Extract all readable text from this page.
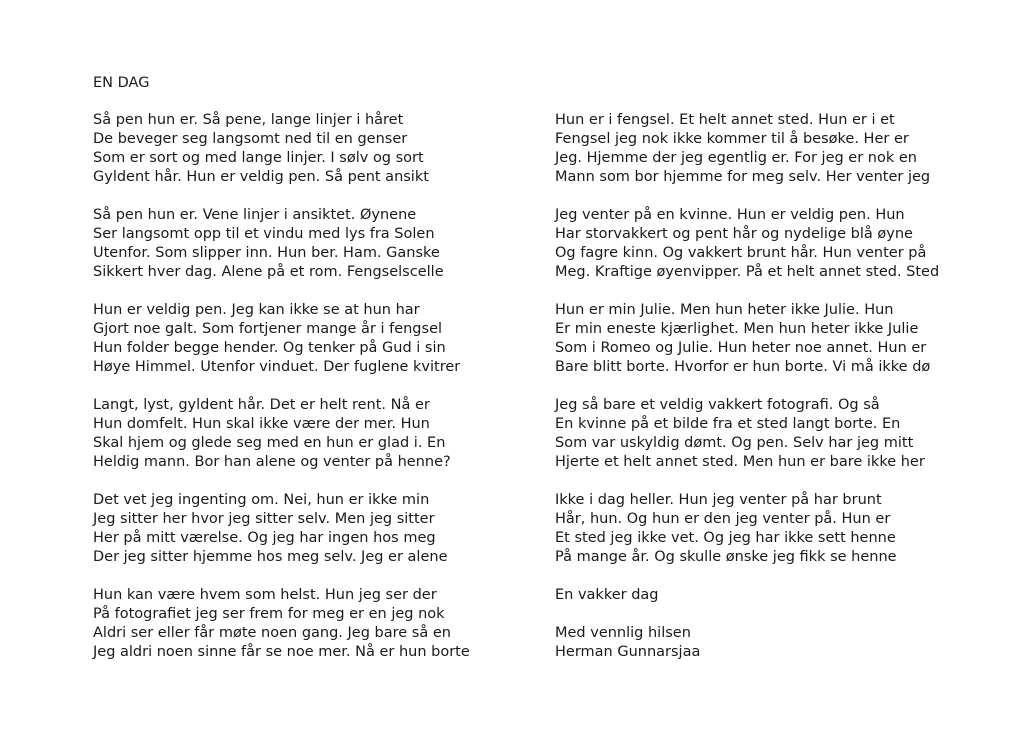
EN DAG
Så pen hun er. Så pene, lange linjer i håret
De beveger seg langsomt ned til en genser
Som er sort og med lange linjer. I sølv og sort
Gyldent hår. Hun er veldig pen. Så pent ansikt
Så pen hun er. Vene linjer i ansiktet. Øynene
Ser langsomt opp til et vindu med lys fra Solen
Utenfor. Som slipper inn. Hun ber. Ham. Ganske
Sikkert hver dag. Alene på et rom. Fengselscelle
Hun er veldig pen. Jeg kan ikke se at hun har
Gjort noe galt. Som fortjener mange år i fengsel
Hun folder begge hender. Og tenker på Gud i sin
Høye Himmel. Utenfor vinduet. Der fuglene kvitrer
Langt, lyst, gyldent hår. Det er helt rent. Nå er
Hun domfelt. Hun skal ikke være der mer. Hun
Skal hjem og glede seg med en hun er glad i. En
Heldig mann. Bor han alene og venter på henne?
Det vet jeg ingenting om. Nei, hun er ikke min
Jeg sitter her hvor jeg sitter selv. Men jeg sitter
Her på mitt værelse. Og jeg har ingen hos meg
Der jeg sitter hjemme hos meg selv. Jeg er alene
Hun kan være hvem som helst. Hun jeg ser der
På fotografiet jeg ser frem for meg er en jeg nok
Aldri ser eller får møte noen gang. Jeg bare så en
Jeg aldri noen sinne får se noe mer. Nå er hun borte
Hun er i fengsel. Et helt annet sted. Hun er i et
Fengsel jeg nok ikke kommer til å besøke. Her er
Jeg. Hjemme der jeg egentlig er. For jeg er nok en
Mann som bor hjemme for meg selv. Her venter jeg
Jeg venter på en kvinne. Hun er veldig pen. Hun
Har storvakkert og pent hår og nydelige blå øyne
Og fagre kinn. Og vakkert brunt hår. Hun venter på
Meg. Kraftige øyenvipper. På et helt annet sted. Sted
Hun er min Julie. Men hun heter ikke Julie. Hun
Er min eneste kjærlighet. Men hun heter ikke Julie
Som i Romeo og Julie. Hun heter noe annet. Hun er
Bare blitt borte. Hvorfor er hun borte. Vi må ikke dø
Jeg så bare et veldig vakkert fotografi. Og så
En kvinne på et bilde fra et sted langt borte. En
Som var uskyldig dømt. Og pen. Selv har jeg mitt
Hjerte et helt annet sted. Men hun er bare ikke her
Ikke i dag heller. Hun jeg venter på har brunt
Hår, hun. Og hun er den jeg venter på. Hun er
Et sted jeg ikke vet. Og jeg har ikke sett henne
På mange år. Og skulle ønske jeg fikk se henne
En vakker dag
Med vennlig hilsen
Herman Gunnarsjaa
